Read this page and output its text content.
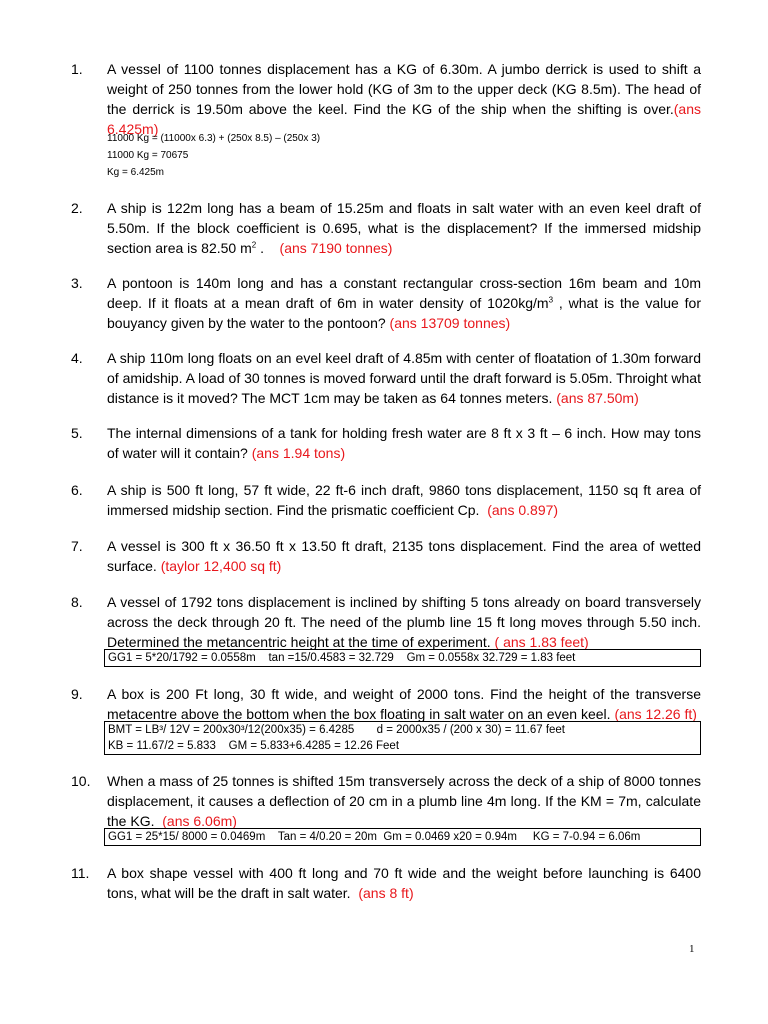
1. A vessel of 1100 tonnes displacement has a KG of 6.30m. A jumbo derrick is used to shift a weight of 250 tonnes from the lower hold (KG of 3m to the upper deck (KG 8.5m). The head of the derrick is 19.50m above the keel. Find the KG of the ship when the shifting is over.(ans 6.425m)
11000 Kg = (11000x 6.3) + (250x 8.5) – (250x 3)
11000 Kg = 70675
Kg = 6.425m
2. A ship is 122m long has a beam of 15.25m and floats in salt water with an even keel draft of 5.50m. If the block coefficient is 0.695, what is the displacement? If the immersed midship section area is 82.50 $m^2$ . (ans 7190 tonnes)
3. A pontoon is 140m long and has a constant rectangular cross-section 16m beam and 10m deep. If it floats at a mean draft of 6m in water density of $1020kg/m^3$ , what is the value for bouyancy given by the water to the pontoon? (ans 13709 tonnes)
4. A ship 110m long floats on an evel keel draft of 4.85m with center of floatation of 1.30m forward of amidship. A load of 30 tonnes is moved forward until the draft forward is 5.05m. Throight what distance is it moved? The MCT 1cm may be taken as 64 tonnes meters. (ans 87.50m)
5. The internal dimensions of a tank for holding fresh water are 8 ft x 3 ft – 6 inch. How may tons of water will it contain? (ans 1.94 tons)
6. A ship is 500 ft long, 57 ft wide, 22 ft-6 inch draft, 9860 tons displacement, 1150 sq ft area of immersed midship section. Find the prismatic coefficient Cp. (ans 0.897)
7. A vessel is 300 ft x 36.50 ft x 13.50 ft draft, 2135 tons displacement. Find the area of wetted surface. (taylor 12,400 sq ft)
8. A vessel of 1792 tons displacement is inclined by shifting 5 tons already on board transversely across the deck through 20 ft. The need of the plumb line 15 ft long moves through 5.50 inch. Determined the metancentric height at the time of experiment. ( ans 1.83 feet)
GG1 = 5*20/1792 = 0.0558m    tan =15/0.4583 = 32.729    Gm = 0.0558x 32.729 = 1.83 feet
9. A box is 200 Ft long, 30 ft wide, and weight of 2000 tons. Find the height of the transverse metacentre above the bottom when the box floating in salt water on an even keel. (ans 12.26 ft)
BMT = LB³/ 12V = 200x30³/12(200x35) = 6.4285       d = 2000x35 / (200 x 30) = 11.67 feet
KB = 11.67/2 = 5.833    GM = 5.833+6.4285 = 12.26 Feet
10. When a mass of 25 tonnes is shifted 15m transversely across the deck of a ship of 8000 tonnes displacement, it causes a deflection of 20 cm in a plumb line 4m long. If the KM = 7m, calculate the KG. (ans 6.06m)
GG1 = 25*15/ 8000 = 0.0469m    Tan = 4/0.20 = 20m  Gm = 0.0469 x20 = 0.94m     KG = 7-0.94 = 6.06m
11. A box shape vessel with 400 ft long and 70 ft wide and the weight before launching is 6400 tons, what will be the draft in salt water. (ans 8 ft)
1
